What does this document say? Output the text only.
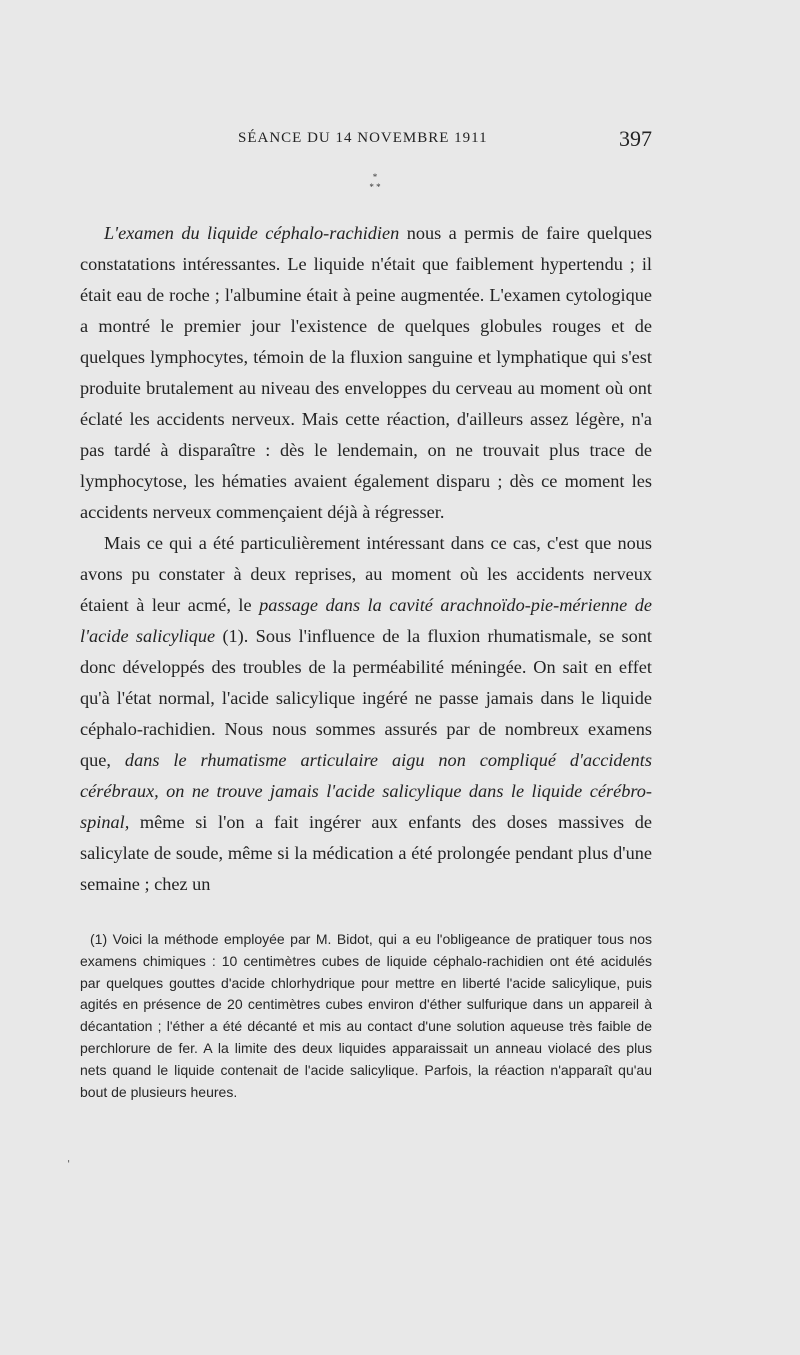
SÉANCE DU 14 NOVEMBRE 1911	397
*
* *

L'examen du liquide céphalo-rachidien nous a permis de faire quelques constatations intéressantes. Le liquide n'était que faiblement hypertendu ; il était eau de roche ; l'albumine était à peine augmentée. L'examen cytologique a montré le premier jour l'existence de quelques globules rouges et de quelques lymphocytes, témoin de la fluxion sanguine et lymphatique qui s'est produite brutalement au niveau des enveloppes du cerveau au moment où ont éclaté les accidents nerveux. Mais cette réaction, d'ailleurs assez légère, n'a pas tardé à disparaître : dès le lendemain, on ne trouvait plus trace de lymphocytose, les hématies avaient également disparu ; dès ce moment les accidents nerveux commençaient déjà à régresser.

Mais ce qui a été particulièrement intéressant dans ce cas, c'est que nous avons pu constater à deux reprises, au moment où les accidents nerveux étaient à leur acmé, le passage dans la cavité arachnoïdo-pie-mérienne de l'acide salicylique (1). Sous l'influence de la fluxion rhumatismale, se sont donc développés des troubles de la perméabilité méningée. On sait en effet qu'à l'état normal, l'acide salicylique ingéré ne passe jamais dans le liquide céphalo-rachidien. Nous nous sommes assurés par de nombreux examens que, dans le rhumatisme articulaire aigu non compliqué d'accidents cérébraux, on ne trouve jamais l'acide salicylique dans le liquide cérébro-spinal, même si l'on a fait ingérer aux enfants des doses massives de salicylate de soude, même si la médication a été prolongée pendant plus d'une semaine ; chez un

(1) Voici la méthode employée par M. Bidot, qui a eu l'obligeance de pratiquer tous nos examens chimiques : 10 centimètres cubes de liquide céphalo-rachidien ont été acidulés par quelques gouttes d'acide chlorhydrique pour mettre en liberté l'acide salicylique, puis agités en présence de 20 centimètres cubes environ d'éther sulfurique dans un appareil à décantation ; l'éther a été décanté et mis au contact d'une solution aqueuse très faible de perchlorure de fer. A la limite des deux liquides apparaissait un anneau violacé des plus nets quand le liquide contenait de l'acide salicylique. Parfois, la réaction n'apparaît qu'au bout de plusieurs heures.

ˈ
